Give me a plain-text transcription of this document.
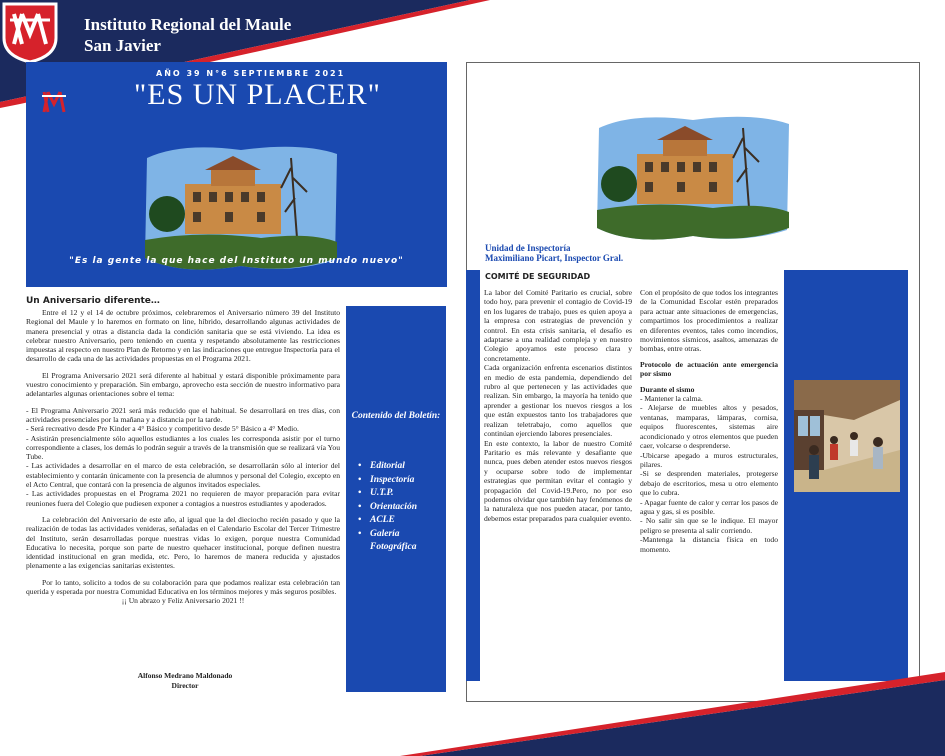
Instituto Regional del Maule
San Javier
AÑO 39 N°6 SEPTIEMBRE 2021
"ES UN PLACER"
"Es la gente la que hace del Instituto un mundo nuevo"
Un Aniversario diferente…

Entre el 12 y el 14 de octubre próximos, celebraremos el Aniversario número 39 del Instituto Regional del Maule y lo haremos en formato on line, híbrido, desarrollando algunas actividades de manera presencial y otras a distancia dada la condición sanitaria que se está viviendo. La idea es celebrar nuestro Aniversario, pero teniendo en cuenta y respetando absolutamente las restricciones impuestas al respecto en nuestro Plan de Retorno y en las indicaciones que entregue Inspectoría para el desarrollo de cada una de las actividades propuestas en el Programa 2021.

El Programa Aniversario 2021 será diferente al habitual y estará disponible próximamente para vuestro conocimiento y preparación. Sin embargo, aprovecho esta sección de nuestro informativo para adelantarles algunas orientaciones sobre el tema:

- El Programa Aniversario 2021 será más reducido que el habitual. Se desarrollará en tres días, con actividades presenciales por la mañana y a distancia por la tarde.

- Será recreativo desde Pre Kinder a 4° Básico y competitivo desde 5° Básico a 4° Medio.

- Asistirán presencialmente sólo aquellos estudiantes a los cuales les corresponda asistir por el turno correspondiente a clases, los demás lo podrán seguir a través de la transmisión que se realizará vía You Tube.

- Las actividades a desarrollar en el marco de esta celebración, se desarrollarán sólo al interior del establecimiento y contarán únicamente con la presencia de alumnos y personal del Colegio, excepto en el Acto Central, que contará con la presencia de algunos invitados especiales.

- Las actividades propuestas en el Programa 2021 no requieren de mayor preparación para evitar reuniones fuera del Colegio que pudiesen exponer a contagios a nuestros estudiantes y apoderados.

La celebración del Aniversario de este año, al igual que la del dieciocho recién pasado y que la realización de todas las actividades venideras, señaladas en el Calendario Escolar del Tercer Trimestre del Instituto, serán desarrolladas porque nuestras vidas lo exigen, porque nuestra Comunidad Educativa lo necesita, porque son parte de nuestro quehacer institucional, porque definen nuestra identidad institucional en gran medida, etc. Pero, lo haremos de manera reducida y ajustados plenamente a las exigencias sanitarias existentes.

Por lo tanto, solicito a todos de su colaboración para que podamos realizar esta celebración tan querida y esperada por nuestra Comunidad Educativa en los términos mejores y más seguros posibles.

¡¡ Un abrazo y Feliz Aniversario 2021 !!

Alfonso Medrano Maldonado
Director
Contenido del Boletín:
• Editorial
• Inspectoría
• U.T.P.
• Orientación
• ACLE
• Galería Fotográfica
Unidad de Inspectoría
Maximiliano Picart, Inspector Gral.
COMITÉ DE SEGURIDAD

La labor del Comité Paritario es crucial, sobre todo hoy, para prevenir el contagio de Covid-19 en los lugares de trabajo, pues es quien apoya a la empresa con estrategias de prevención y control. En esta crisis sanitaria, el desafío es adaptarse a una realidad compleja y en nuestro Colegio apoyamos este proceso clara y concretamente.

Cada organización enfrenta escenarios distintos en medio de esta pandemia, dependiendo del rubro al que pertenecen y las actividades que realizan. Sin embargo, la mayoría ha tenido que aprender a gestionar los nuevos riesgos a los que están expuestos tanto los trabajadores que realizan teletrabajo, como aquellos que continúan ejerciendo labores presenciales.

En este contexto, la labor de nuestro Comité Paritario es más relevante y desafiante que nunca, pues deben atender estos nuevos riesgos y ocuparse sobre todo de implementar estrategias que permitan evitar el contagio y propagación del Covid-19.Pero, no por eso podemos olvidar que también hay fenómenos de la naturaleza que nos pueden atacar, por tanto, debemos estar preparados para cualquier evento.

Con el propósito de que todos los integrantes de la Comunidad Escolar estén preparados para actuar ante situaciones de emergencias, compartimos los procedimientos a realizar en diferentes eventos, tales como incendios, movimientos sísmicos, asaltos, amenazas de bombas, entre otras.

Protocolo de actuación ante emergencia por sismo

Durante el sismo

- Mantener la calma.

- Alejarse de muebles altos y pesados, ventanas, mamparas, lámparas, cornisa, equipos fluorescentes, sistemas aire acondicionado y otros elementos que pueden caer, volcarse o desprenderse.

-Ubicarse apegado a muros estructurales, pilares.

-Si se desprenden materiales, protegerse debajo de escritorios, mesa u otro elemento que lo cubra.

- Apagar fuente de calor y cerrar los pasos de agua y gas, si es posible.

- No salir sin que se le indique. El mayor peligro se presenta al salir corriendo.

-Mantenga la distancia física en todo momento.
